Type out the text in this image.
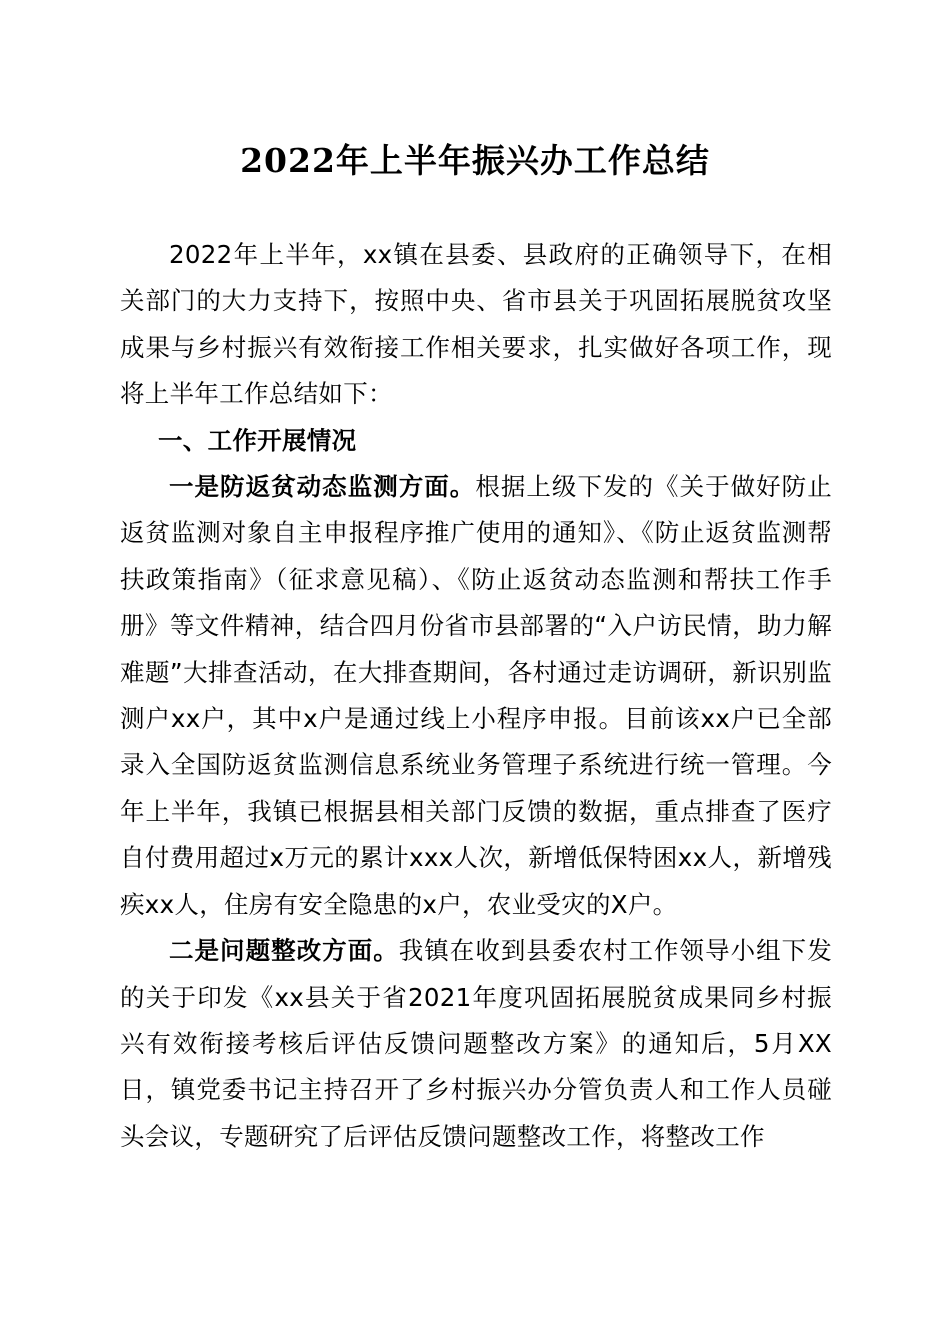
2022年上半年振兴办工作总结

2022年上半年，xx镇在县委、县政府的正确领导下，在相关部门的大力支持下，按照中央、省市县关于巩固拓展脱贫攻坚成果与乡村振兴有效衔接工作相关要求，扎实做好各项工作，现将上半年工作总结如下：

一、工作开展情况

一是防返贫动态监测方面。根据上级下发的《关于做好防止返贫监测对象自主申报程序推广使用的通知》、《防止返贫监测帮扶政策指南》（征求意见稿）、《防止返贫动态监测和帮扶工作手册》等文件精神，结合四月份省市县部署的“入户访民情，助力解难题”大排查活动，在大排查期间，各村通过走访调研，新识别监测户xx户，其中x户是通过线上小程序申报。目前该xx户已全部录入全国防返贫监测信息系统业务管理子系统进行统一管理。今年上半年，我镇已根据县相关部门反馈的数据，重点排查了医疗自付费用超过x万元的累计xxx人次，新增低保特困xx人，新增残疾xx人，住房有安全隐患的x户，农业受灾的X户。

二是问题整改方面。我镇在收到县委农村工作领导小组下发的关于印发《xx县关于省2021年度巩固拓展脱贫成果同乡村振兴有效衔接考核后评估反馈问题整改方案》的通知后，5月XX日，镇党委书记主持召开了乡村振兴办分管负责人和工作人员碰头会议，专题研究了后评估反馈问题整改工作，将整改工作
